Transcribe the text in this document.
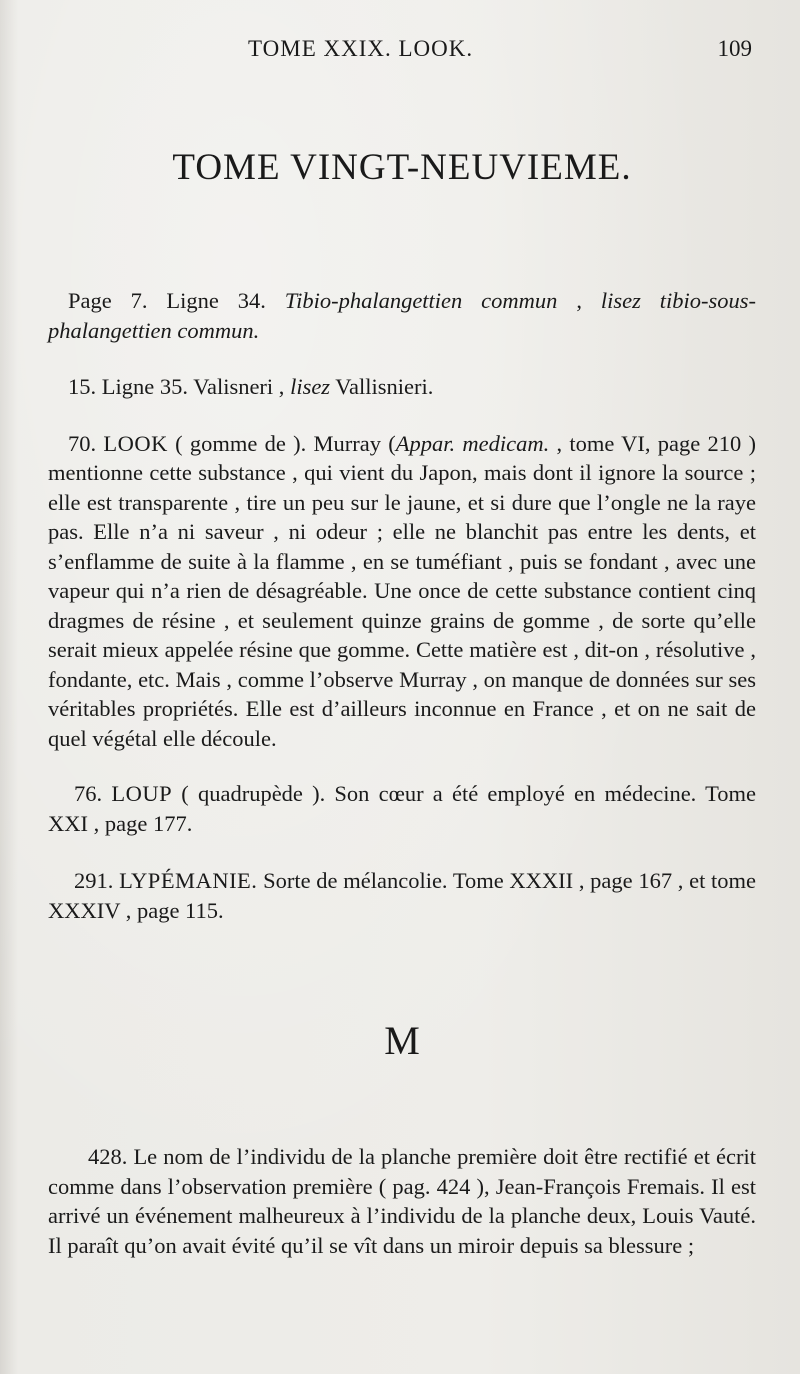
TOME XXIX. LOOK.	109
TOME VINGT-NEUVIEME.

Page 7. Ligne 34. Tibio-phalangettien commun , lisez tibio-sous-phalangettien commun.

15. Ligne 35. Valisneri , lisez Vallisnieri.

70. LOOK ( gomme de ). Murray (Appar. medicam. , tome VI, page 210 ) mentionne cette substance , qui vient du Japon, mais dont il ignore la source ; elle est transparente , tire un peu sur le jaune, et si dure que l’ongle ne la raye pas. Elle n’a ni saveur , ni odeur ; elle ne blanchit pas entre les dents, et s’enflamme de suite à la flamme , en se tuméfiant , puis se fondant , avec une vapeur qui n’a rien de désagréable. Une once de cette substance contient cinq dragmes de résine , et seulement quinze grains de gomme , de sorte qu’elle serait mieux appelée résine que gomme. Cette matière est , dit-on , résolutive , fondante, etc. Mais , comme l’observe Murray , on manque de données sur ses véritables propriétés. Elle est d’ailleurs inconnue en France , et on ne sait de quel végétal elle découle.

76. LOUP ( quadrupède ). Son cœur a été employé en médecine. Tome XXI , page 177.

291. LYPÉMANIE. Sorte de mélancolie. Tome XXXII , page 167 , et tome XXXIV , page 115.

M

428. Le nom de l’individu de la planche première doit être rectifié et écrit comme dans l’observation première ( pag. 424 ), Jean-François Fremais. Il est arrivé un événement malheureux à l’individu de la planche deux, Louis Vauté. Il paraît qu’on avait évité qu’il se vît dans un miroir depuis sa blessure ;
